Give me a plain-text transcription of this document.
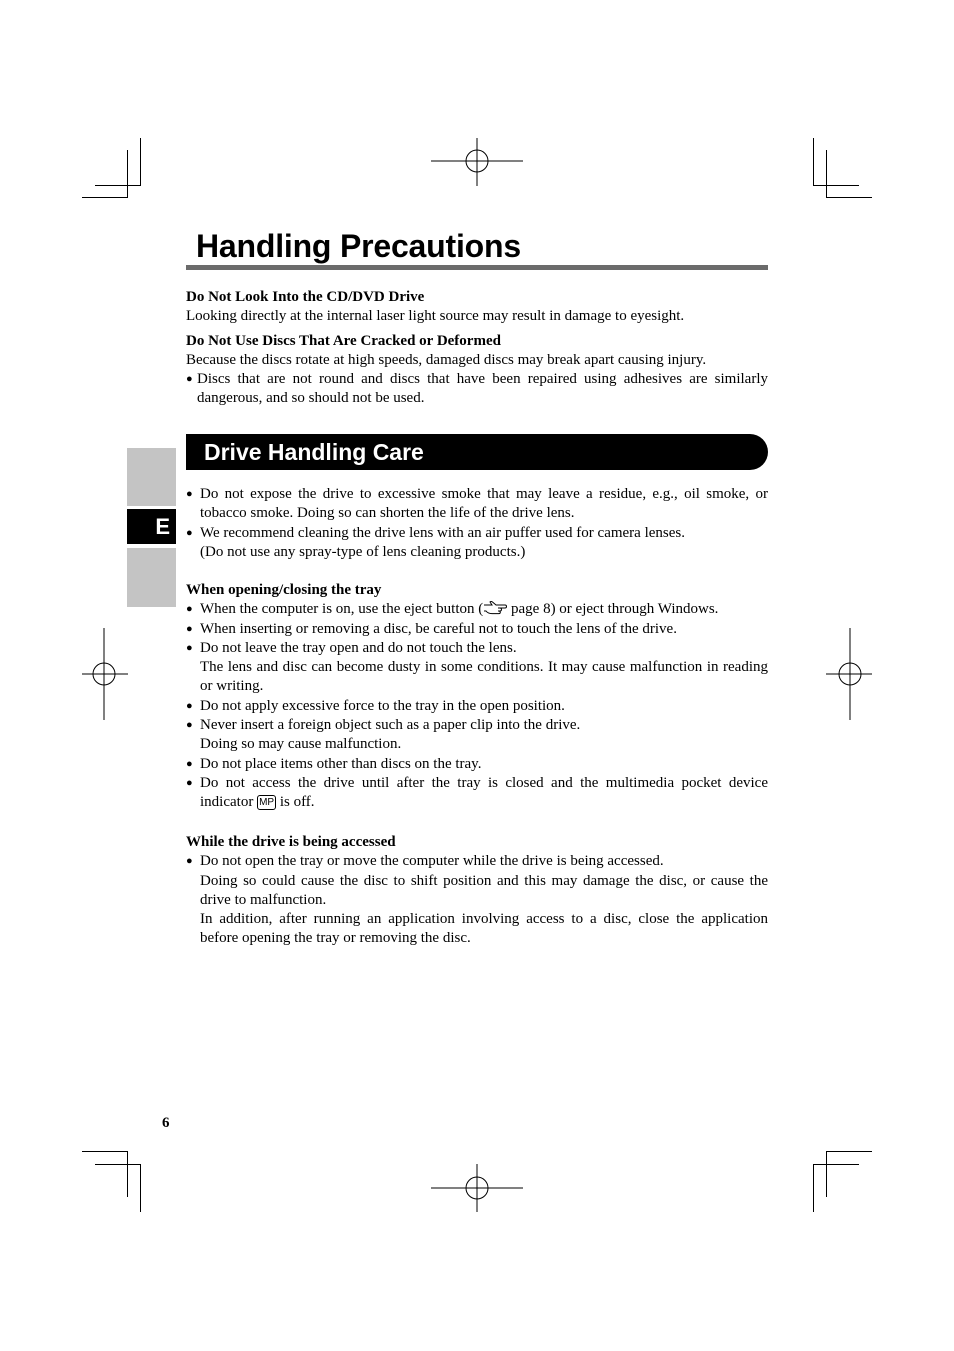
Handling Precautions
Do Not Look Into the CD/DVD Drive
Looking directly at the internal laser light source may result in damage to eyesight.
Do Not Use Discs That Are Cracked or Deformed
Because the discs rotate at high speeds, damaged discs may break apart causing injury.
● Discs that are not round and discs that have been repaired using adhesives are similarly dangerous, and so should not be used.
E
Drive Handling Care
● Do not expose the drive to excessive smoke that may leave a residue, e.g., oil smoke, or tobacco smoke. Doing so can shorten the life of the drive lens.
● We recommend cleaning the drive lens with an air puffer used for camera lenses.
(Do not use any spray-type of lens cleaning products.)
When opening/closing the tray
● When the computer is on, use the eject button ( page 8) or eject through Windows.
● When inserting or removing a disc, be careful not to touch the lens of the drive.
● Do not leave the tray open and do not touch the lens.
The lens and disc can become dusty in some conditions. It may cause malfunction in reading or writing.
● Do not apply excessive force to the tray in the open position.
● Never insert a foreign object such as a paper clip into the drive.
Doing so may cause malfunction.
● Do not place items other than discs on the tray.
● Do not access the drive until after the tray is closed and the multimedia pocket device indicator MP is off.
While the drive is being accessed
● Do not open the tray or move the computer while the drive is being accessed.
Doing so could cause the disc to shift position and this may damage the disc, or cause the drive to malfunction.
In addition, after running an application involving access to a disc, close the application before opening the tray or removing the disc.
6
